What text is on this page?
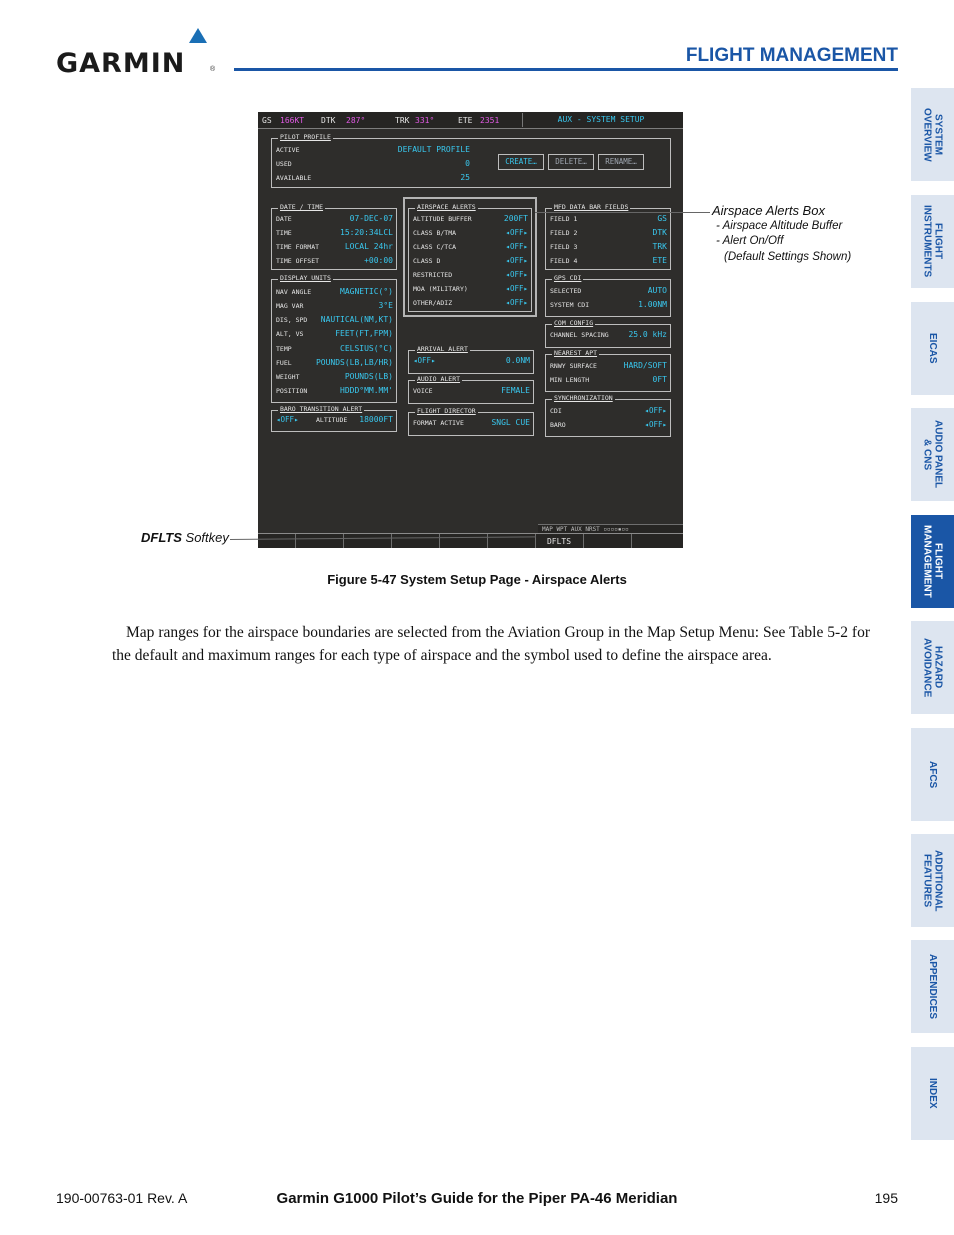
GARMIN	®
FLIGHT MANAGEMENT
SYSTEM
OVERVIEW
FLIGHT
INSTRUMENTS
EICAS
AUDIO PANEL
& CNS
FLIGHT
MANAGEMENT
HAZARD
AVOIDANCE
AFCS
ADDITIONAL
FEATURES
APPENDICES
INDEX
GS 166KT DTK 287°	TRK 331°	ETE 2351	AUX - SYSTEM SETUP
PILOT PROFILE
ACTIVE	DEFAULT PROFILE
USED	0
AVAILABLE	25
CREATE…	DELETE…	RENAME…
DATE / TIME
DATE	07-DEC-07
TIME	15:20:34LCL
TIME FORMAT	LOCAL 24hr
TIME OFFSET	+00:00
DISPLAY UNITS
NAV ANGLE	MAGNETIC(°)
MAG VAR	3°E
DIS, SPD NAUTICAL(NM,KT)
ALT, VS	FEET(FT,FPM)
TEMP	CELSIUS(°C)
FUEL	POUNDS(LB,LB/HR)
WEIGHT	POUNDS(LB)
POSITION	HDDD°MM.MM'
BARO TRANSITION ALERT
◂OFF▸	ALTITUDE 18000FT
AIRSPACE ALERTS
ALTITUDE BUFFER	200FT
CLASS B/TMA	◂OFF▸
CLASS C/TCA	◂OFF▸
CLASS D	◂OFF▸
RESTRICTED	◂OFF▸
MOA (MILITARY)	◂OFF▸
OTHER/ADIZ	◂OFF▸
ARRIVAL ALERT
◂OFF▸	0.0NM
AUDIO ALERT
VOICE	FEMALE
FLIGHT DIRECTOR
FORMAT ACTIVE	SNGL CUE
MFD DATA BAR FIELDS
FIELD 1	GS
FIELD 2	DTK
FIELD 3	TRK
FIELD 4	ETE
GPS CDI
SELECTED	AUTO
SYSTEM CDI	1.00NM
COM CONFIG
CHANNEL SPACING 25.0 kHz
NEAREST APT
RNWY SURFACE	HARD/SOFT
MIN LENGTH	0FT
SYNCHRONIZATION
CDI	◂OFF▸
BARO	◂OFF▸
MAP WPT AUX NRST ▫▫▫▫▪▫▫
DFLTS
Airspace Alerts Box
- Airspace Altitude Buffer
- Alert On/Off
(Default Settings Shown)
DFLTS Softkey
Figure 5-47 System Setup Page - Airspace Alerts
Map ranges for the airspace boundaries are selected from the Aviation Group in the Map Setup Menu: See Table 5-2 for the default and maximum ranges for each type of airspace and the symbol used to define the airspace area.
190-00763-01 Rev. A	Garmin G1000 Pilot’s Guide for the Piper PA-46 Meridian	195
